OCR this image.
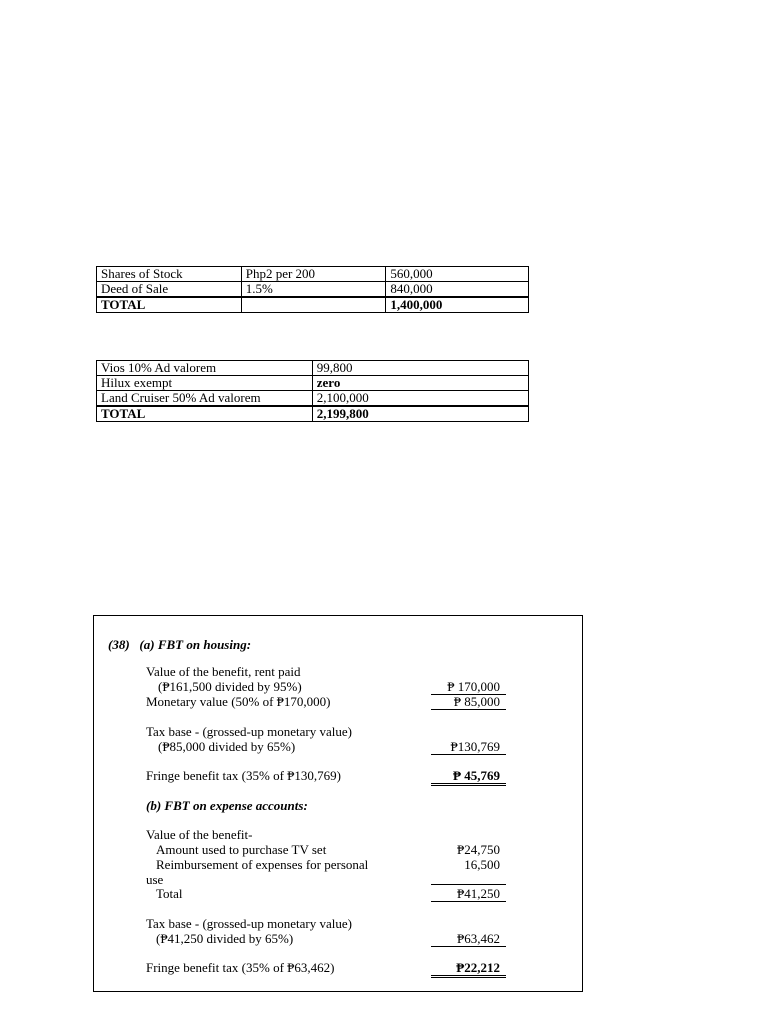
Shares of Stock	Php2 per 200	560,000
Deed of Sale	1.5%	840,000
TOTAL		1,400,000
Vios 10% Ad valorem	99,800
Hilux exempt	zero
Land Cruiser 50% Ad valorem	2,100,000
TOTAL	2,199,800
(38) (a) FBT on housing:
Value of the benefit, rent paid
(₱161,500 divided by 95%)	₱ 170,000
Monetary value (50% of ₱170,000)	₱ 85,000
Tax base - (grossed-up monetary value)
(₱85,000 divided by 65%)	₱130,769
Fringe benefit tax (35% of ₱130,769)	₱ 45,769
(b) FBT on expense accounts:
Value of the benefit-
Amount used to purchase TV set	₱24,750
Reimbursement of expenses for personal	16,500
use
Total	₱41,250
Tax base - (grossed-up monetary value)
(₱41,250 divided by 65%)	₱63,462
Fringe benefit tax (35% of ₱63,462)	₱22,212
